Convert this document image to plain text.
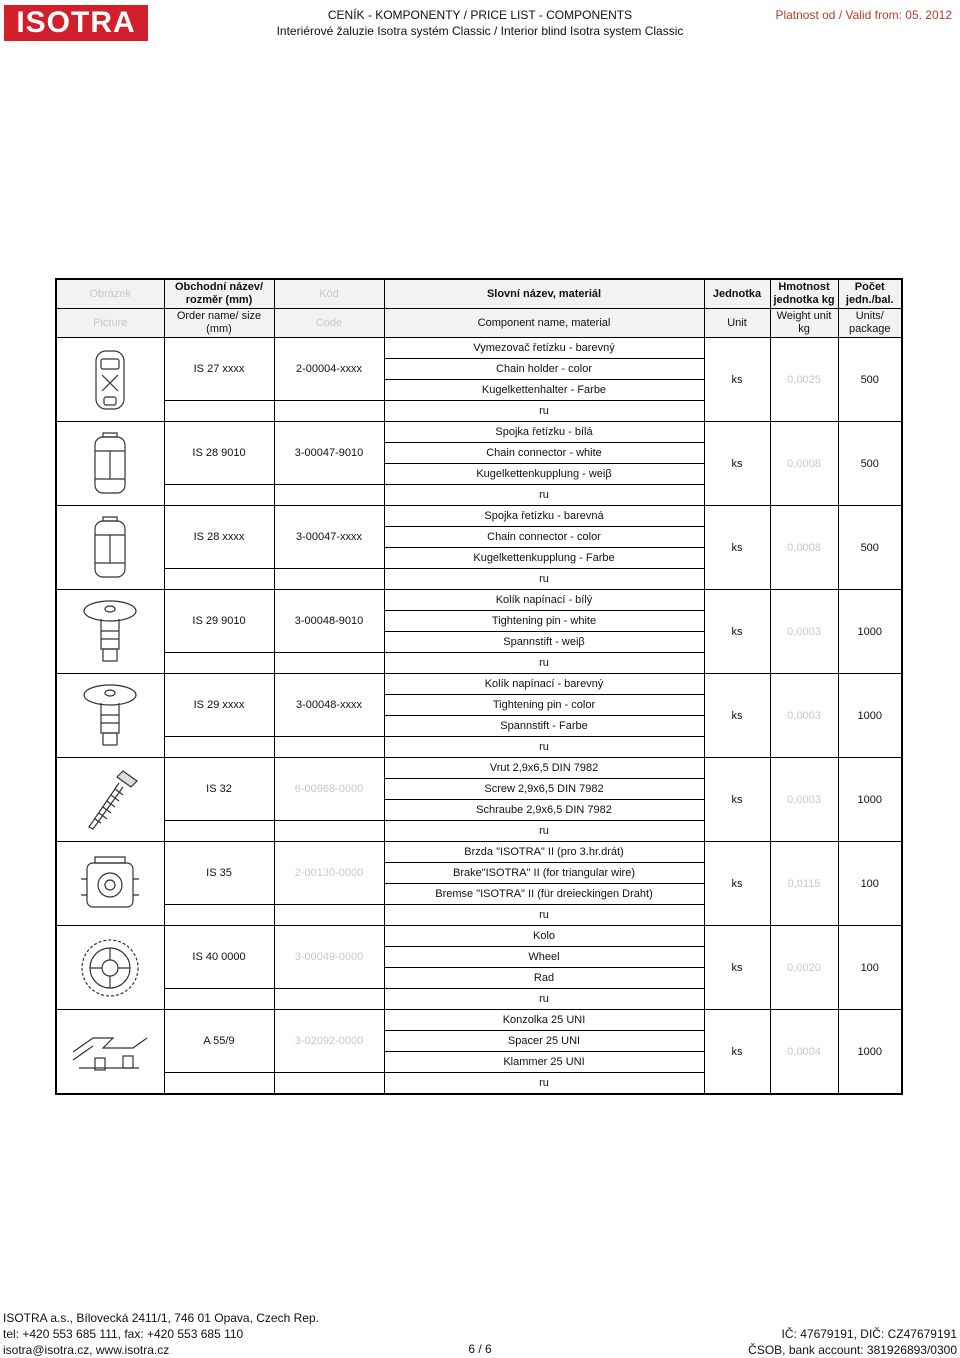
ISOTRA	CENÍK - KOMPONENTY / PRICE LIST - COMPONENTS
Interiérové žaluzie Isotra systém Classic / Interior blind Isotra system Classic
Platnost od / Valid from: 05. 2012
Obrázek	Obchodní název/ rozměr (mm)	Kód	Slovní název, materiál	Jednotka	Hmotnost jednotka kg	Počet jedn./bal.
Picture	Order name/ size (mm)	Code	Component name, material	Unit	Weight unit kg	Units/ package

	IS 27 xxxx	2-00004-xxxx	Vymezovač řetízku - barevný	ks	0,0025	500
			Chain holder - color			
			Kugelkettenhalter - Farbe			
			ru			

	IS 28 9010	3-00047-9010	Spojka řetízku - bílá	ks	0,0008	500
			Chain connector - white			
			Kugelkettenkupplung - weiβ			
			ru			

	IS 28 xxxx	3-00047-xxxx	Spojka řetízku - barevná	ks	0,0008	500
			Chain connector - color			
			Kugelkettenkupplung - Farbe			
			ru			

	IS 29 9010	3-00048-9010	Kolík napínací - bílý	ks	0,0003	1000
			Tightening pin - white			
			Spannstift - weiβ			
			ru			

	IS 29 xxxx	3-00048-xxxx	Kolík napínací - barevný	ks	0,0003	1000
			Tightening pin - color			
			Spannstift - Farbe			
			ru			

	IS 32	6-00968-0000	Vrut 2,9x6,5 DIN 7982	ks	0,0003	1000
			Screw 2,9x6,5 DIN 7982			
			Schraube 2,9x6,5 DIN 7982			
			ru			

	IS 35	2-00130-0000	Brzda "ISOTRA" II (pro 3.hr.drát)	ks	0,0115	100
			Brake"ISOTRA" II (for triangular wire)			
			Bremse "ISOTRA" II (für dreieckingen Draht)			
			ru			

	IS 40 0000	3-00049-0000	Kolo	ks	0,0020	100
			Wheel			
			Rad			
			ru			

	A 55/9	3-02092-0000	Konzolka 25 UNI	ks	0,0004	1000
			Spacer 25 UNI			
			Klammer 25 UNI			
			ru			
ISOTRA a.s., Bílovecká 2411/1, 746 01 Opava, Czech Rep.
tel: +420 553 685 111, fax: +420 553 685 110
isotra@isotra.cz, www.isotra.cz	6 / 6
IČ: 47679191, DIČ: CZ47679191
ČSOB, bank account: 381926893/0300
